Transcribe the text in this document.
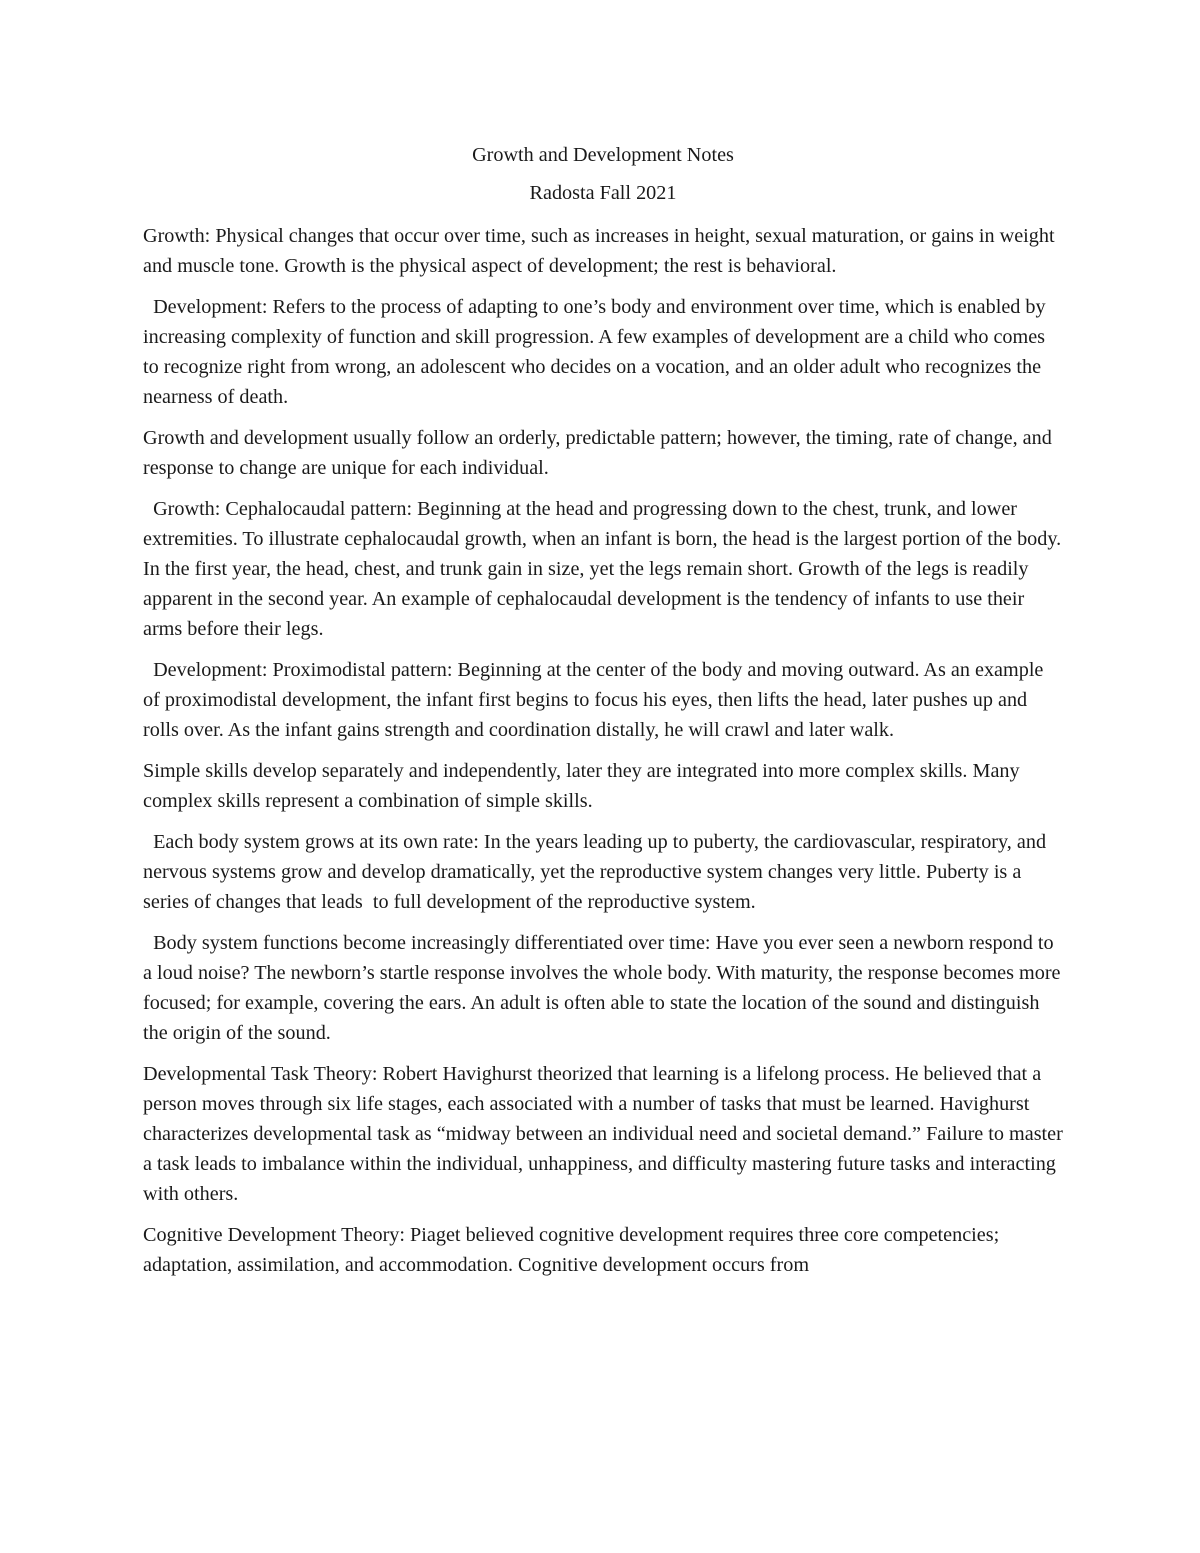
Growth and Development Notes

Radosta Fall 2021

Growth: Physical changes that occur over time, such as increases in height, sexual maturation, or gains in weight and muscle tone. Growth is the physical aspect of development; the rest is behavioral.

Development: Refers to the process of adapting to one’s body and environment over time, which is enabled by increasing complexity of function and skill progression. A few examples of development are a child who comes to recognize right from wrong, an adolescent who decides on a vocation, and an older adult who recognizes the nearness of death.

Growth and development usually follow an orderly, predictable pattern; however, the timing, rate of change, and response to change are unique for each individual.

Growth: Cephalocaudal pattern: Beginning at the head and progressing down to the chest, trunk, and lower extremities. To illustrate cephalocaudal growth, when an infant is born, the head is the largest portion of the body. In the first year, the head, chest, and trunk gain in size, yet the legs remain short. Growth of the legs is readily apparent in the second year. An example of cephalocaudal development is the tendency of infants to use their arms before their legs.

Development: Proximodistal pattern: Beginning at the center of the body and moving outward. As an example of proximodistal development, the infant first begins to focus his eyes, then lifts the head, later pushes up and rolls over. As the infant gains strength and coordination distally, he will crawl and later walk.

Simple skills develop separately and independently, later they are integrated into more complex skills. Many complex skills represent a combination of simple skills.

Each body system grows at its own rate: In the years leading up to puberty, the cardiovascular, respiratory, and nervous systems grow and develop dramatically, yet the reproductive system changes very little. Puberty is a series of changes that leads  to full development of the reproductive system.

Body system functions become increasingly differentiated over time: Have you ever seen a newborn respond to a loud noise? The newborn’s startle response involves the whole body. With maturity, the response becomes more focused; for example, covering the ears. An adult is often able to state the location of the sound and distinguish the origin of the sound.

Developmental Task Theory: Robert Havighurst theorized that learning is a lifelong process. He believed that a person moves through six life stages, each associated with a number of tasks that must be learned. Havighurst characterizes developmental task as “midway between an individual need and societal demand.” Failure to master a task leads to imbalance within the individual, unhappiness, and difficulty mastering future tasks and interacting with others.

Cognitive Development Theory: Piaget believed cognitive development requires three core competencies; adaptation, assimilation, and accommodation. Cognitive development occurs from
